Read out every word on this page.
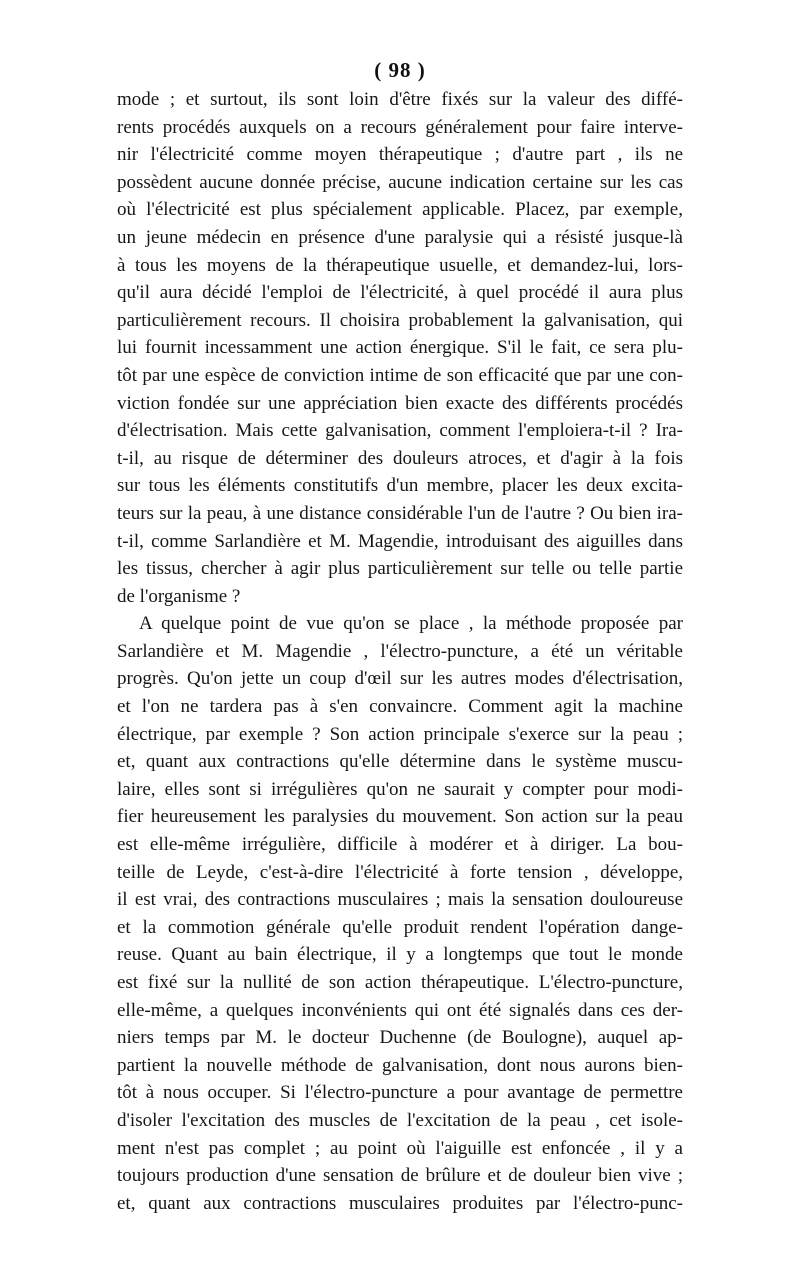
( 98 )
mode ; et surtout, ils sont loin d'être fixés sur la valeur des diffé-
rents procédés auxquels on a recours généralement pour faire interve-
nir l'électricité comme moyen thérapeutique ; d'autre part , ils ne
possèdent aucune donnée précise, aucune indication certaine sur les cas
où l'électricité est plus spécialement applicable. Placez, par exemple,
un jeune médecin en présence d'une paralysie qui a résisté jusque-là
à tous les moyens de la thérapeutique usuelle, et demandez-lui, lors-
qu'il aura décidé l'emploi de l'électricité, à quel procédé il aura plus
particulièrement recours. Il choisira probablement la galvanisation, qui
lui fournit incessamment une action énergique. S'il le fait, ce sera plu-
tôt par une espèce de conviction intime de son efficacité que par une con-
viction fondée sur une appréciation bien exacte des différents procédés
d'électrisation. Mais cette galvanisation, comment l'emploiera-t-il ? Ira-
t-il, au risque de déterminer des douleurs atroces, et d'agir à la fois
sur tous les éléments constitutifs d'un membre, placer les deux excita-
teurs sur la peau, à une distance considérable l'un de l'autre ? Ou bien ira-
t-il, comme Sarlandière et M. Magendie, introduisant des aiguilles dans
les tissus, chercher à agir plus particulièrement sur telle ou telle partie
de l'organisme ?
A quelque point de vue qu'on se place , la méthode proposée par
Sarlandière et M. Magendie , l'électro-puncture, a été un véritable
progrès. Qu'on jette un coup d'œil sur les autres modes d'électrisation,
et l'on ne tardera pas à s'en convaincre. Comment agit la machine
électrique, par exemple ? Son action principale s'exerce sur la peau ;
et, quant aux contractions qu'elle détermine dans le système muscu-
laire, elles sont si irrégulières qu'on ne saurait y compter pour modi-
fier heureusement les paralysies du mouvement. Son action sur la peau
est elle-même irrégulière, difficile à modérer et à diriger. La bou-
teille de Leyde, c'est-à-dire l'électricité à forte tension , développe,
il est vrai, des contractions musculaires ; mais la sensation douloureuse
et la commotion générale qu'elle produit rendent l'opération dange-
reuse. Quant au bain électrique, il y a longtemps que tout le monde
est fixé sur la nullité de son action thérapeutique. L'électro-puncture,
elle-même, a quelques inconvénients qui ont été signalés dans ces der-
niers temps par M. le docteur Duchenne (de Boulogne), auquel ap-
partient la nouvelle méthode de galvanisation, dont nous aurons bien-
tôt à nous occuper. Si l'électro-puncture a pour avantage de permettre
d'isoler l'excitation des muscles de l'excitation de la peau , cet isole-
ment n'est pas complet ; au point où l'aiguille est enfoncée , il y a
toujours production d'une sensation de brûlure et de douleur bien vive ;
et, quant aux contractions musculaires produites par l'électro-punc-
